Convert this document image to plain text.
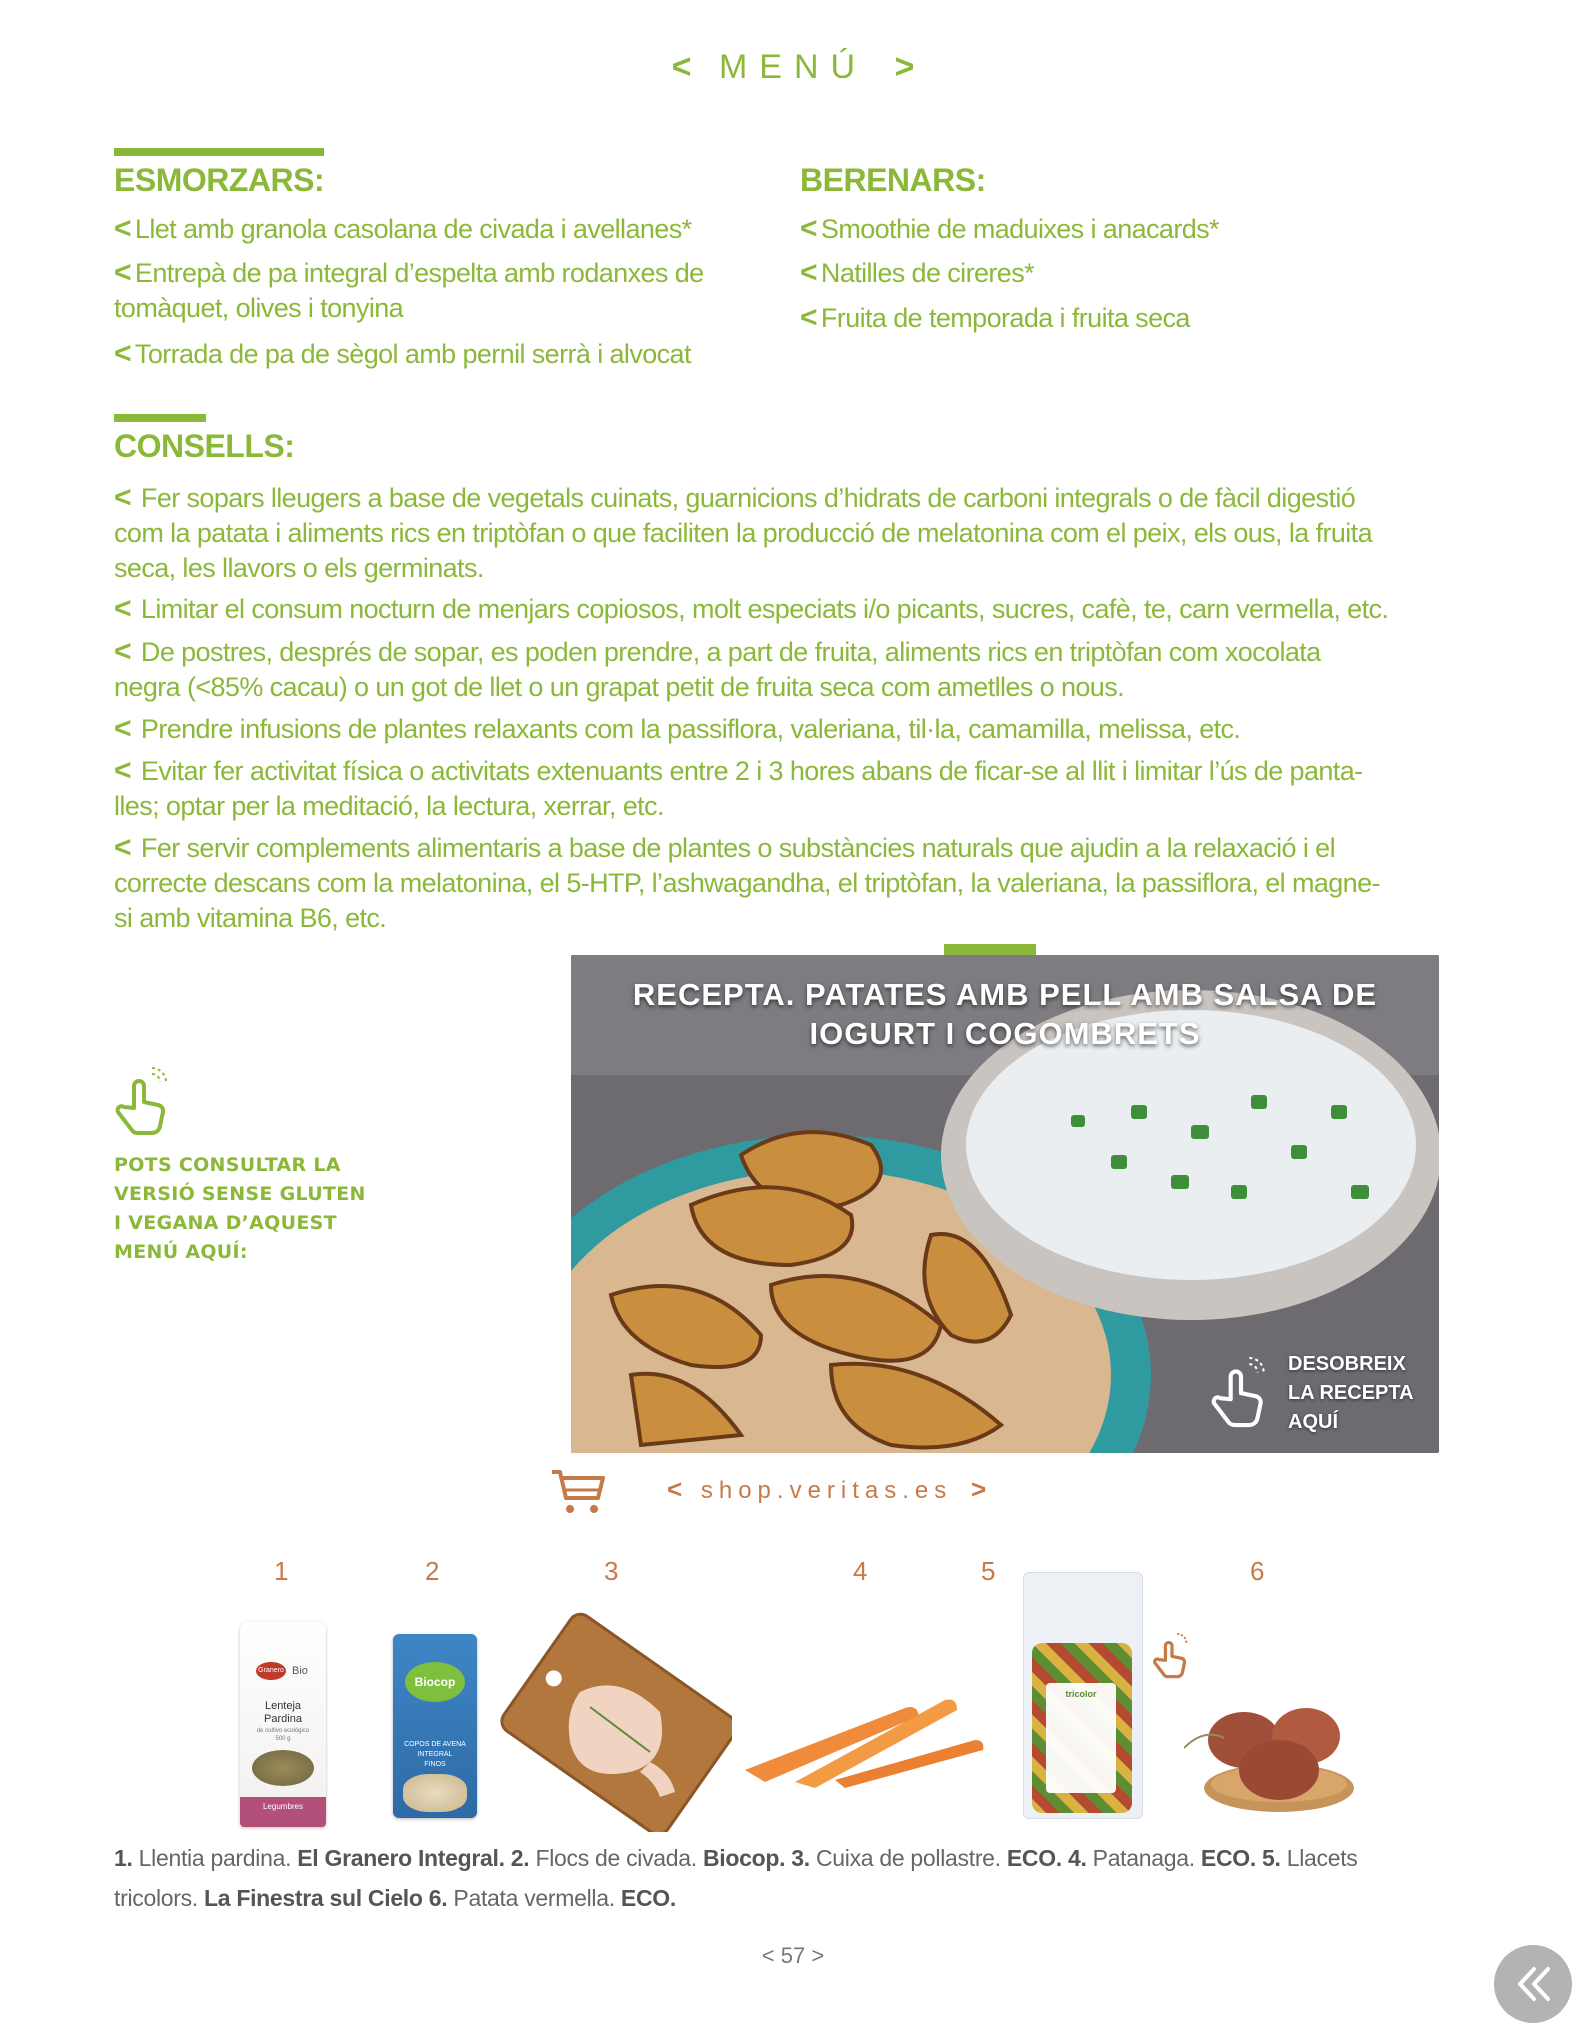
< MENÚ >
ESMORZARS:
< Llet amb granola casolana de civada i avellanes*
< Entrepà de pa integral d’espelta amb rodanxes de
tomàquet, olives i tonyina
< Torrada de pa de sègol amb pernil serrà i alvocat
BERENARS:
< Smoothie de maduixes i anacards*
< Natilles de cireres*
< Fruita de temporada i fruita seca
CONSELLS:
< Fer sopars lleugers a base de vegetals cuinats, guarnicions d’hidrats de carboni integrals o de fàcil digestió
com la patata i aliments rics en triptòfan o que faciliten la producció de melatonina com el peix, els ous, la fruita
seca, les llavors o els germinats.
< Limitar el consum nocturn de menjars copiosos, molt especiats i/o picants, sucres, cafè, te, carn vermella, etc.
< De postres, després de sopar, es poden prendre, a part de fruita, aliments rics en triptòfan com xocolata
negra (<85% cacau) o un got de llet o un grapat petit de fruita seca com ametlles o nous.
< Prendre infusions de plantes relaxants com la passiflora, valeriana, til·la, camamilla, melissa, etc.
< Evitar fer activitat física o activitats extenuants entre 2 i 3 hores abans de ficar-se al llit i limitar l’ús de panta-
lles; optar per la meditació, la lectura, xerrar, etc.
< Fer servir complements alimentaris a base de plantes o substàncies naturals que ajudin a la relaxació i el
correcte descans com la melatonina, el 5-HTP, l’ashwagandha, el triptòfan, la valeriana, la passiflora, el magne-
si amb vitamina B6, etc.
POTS CONSULTAR LA
VERSIÓ SENSE GLUTEN
I VEGANA D’AQUEST
MENÚ AQUÍ:
RECEPTA. PATATES AMB PELL AMB SALSA DE
IOGURT I COGOMBRETS
DESOBREIX
LA RECEPTA
AQUÍ
< shop.veritas.es >
1	2	3	4	5	6
Granero Bio
Lenteja
Pardina
de cultivo ecológico
500 g
Legumbres
Biocop
COPOS DE AVENA
INTEGRAL
FINOS
tricolor
1. Llentia pardina. El Granero Integral. 2. Flocs de civada. Biocop. 3. Cuixa de pollastre. ECO. 4. Patanaga. ECO. 5. Llacets
tricolors. La Finestra sul Cielo 6. Patata vermella. ECO.
< 57 >
